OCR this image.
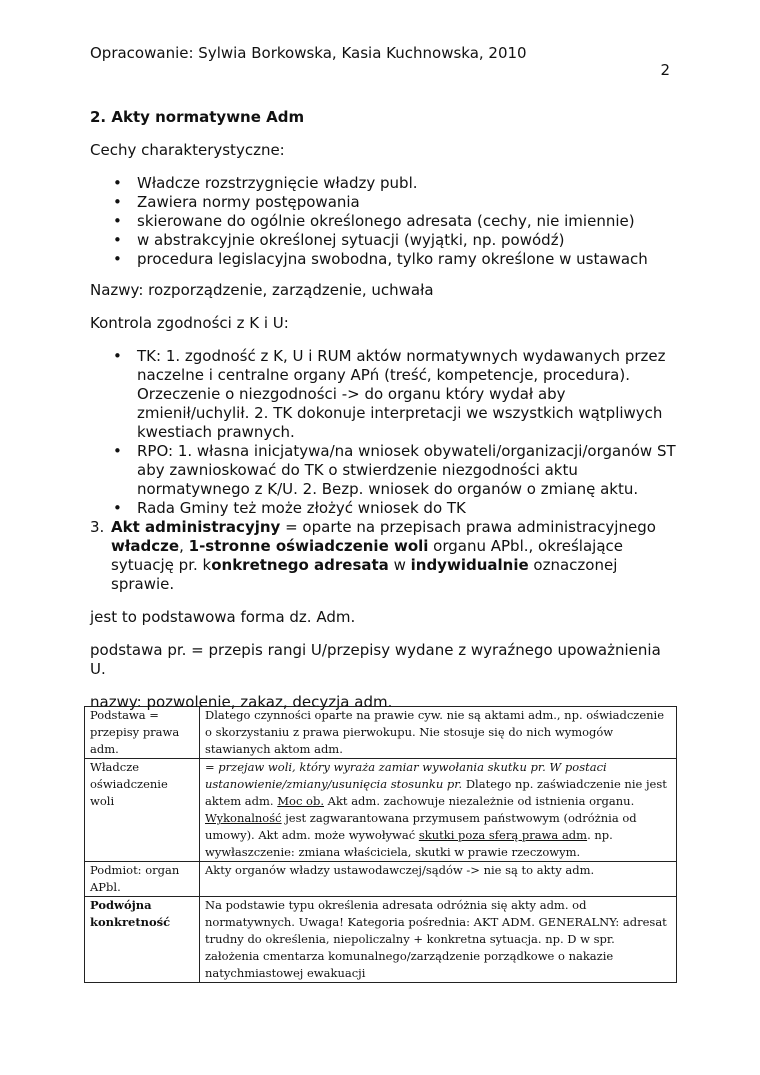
Opracowanie: Sylwia Borkowska, Kasia Kuchnowska, 2010
2
2. Akty normatywne Adm

Cechy charakterystyczne:

• Władcze rozstrzygnięcie władzy publ.
• Zawiera normy postępowania
• skierowane do ogólnie określonego adresata (cechy, nie imiennie)
• w abstrakcyjnie określonej sytuacji (wyjątki, np. powódź)
• procedura legislacyjna swobodna, tylko ramy określone w ustawach

Nazwy: rozporządzenie, zarządzenie, uchwała

Kontrola zgodności z K i U:

• TK: 1. zgodność z K, U i RUM aktów normatywnych wydawanych przez naczelne i centralne organy APń (treść, kompetencje, procedura). Orzeczenie o niezgodności -> do organu który wydał aby zmienił/uchylił. 2. TK dokonuje interpretacji we wszystkich wątpliwych kwestiach prawnych.
• RPO: 1. własna inicjatywa/na wniosek obywateli/organizacji/organów ST aby zawnioskować do TK o stwierdzenie niezgodności aktu normatywnego z K/U. 2. Bezp. wniosek do organów o zmianę aktu.
• Rada Gminy też może złożyć wniosek do TK
3. Akt administracyjny = oparte na przepisach prawa administracyjnego władcze, 1-stronne oświadczenie woli organu APbl., określające sytuację pr. konkretnego adresata w indywidualnie oznaczonej sprawie.

jest to podstawowa forma dz. Adm.

podstawa pr. = przepis rangi U/przepisy wydane z wyraźnego upoważnienia U.

nazwy: pozwolenie, zakaz, decyzja adm.

Podstawa = przepisy prawa adm.	Dlatego czynności oparte na prawie cyw. nie są aktami adm., np. oświadczenie o skorzystaniu z prawa pierwokupu. Nie stosuje się do nich wymogów stawianych aktom adm.
Władcze oświadczenie woli	= przejaw woli, który wyraża zamiar wywołania skutku pr. W postaci ustanowienie/zmiany/usunięcia stosunku pr. Dlatego np. zaświadczenie nie jest aktem adm. Moc ob. Akt adm. zachowuje niezależnie od istnienia organu. Wykonalność jest zagwarantowana przymusem państwowym (odróżnia od umowy). Akt adm. może wywoływać skutki poza sferą prawa adm. np. wywłaszczenie: zmiana właściciela, skutki w prawie rzeczowym.
Podmiot: organ APbl.	Akty organów władzy ustawodawczej/sądów -> nie są to akty adm.
Podwójna konkretność	Na podstawie typu określenia adresata odróżnia się akty adm. od normatywnych. Uwaga! Kategoria pośrednia: AKT ADM. GENERALNY: adresat trudny do określenia, niepoliczalny + konkretna sytuacja. np. D w spr. założenia cmentarza komunalnego/zarządzenie porządkowe o nakazie natychmiastowej ewakuacji
